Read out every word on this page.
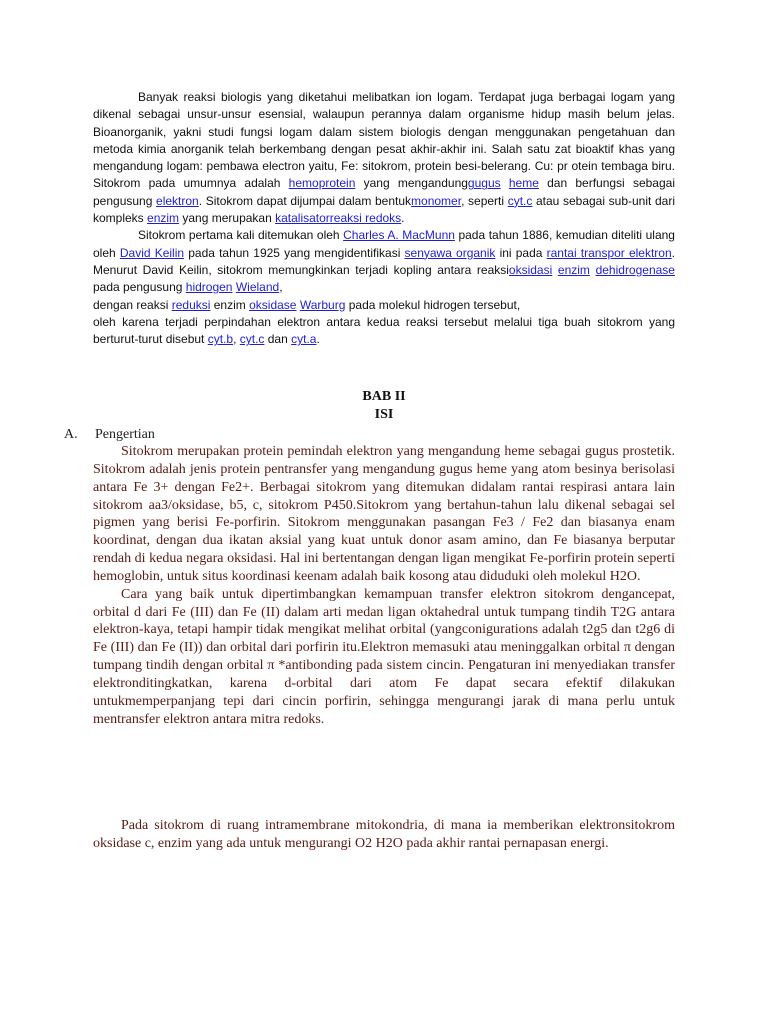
Banyak reaksi biologis yang diketahui melibatkan ion logam. Terdapat juga berbagai logam yang dikenal sebagai unsur-unsur esensial, walaupun perannya dalam organisme hidup masih belum jelas. Bioanorganik, yakni studi fungsi logam dalam sistem biologis dengan menggunakan pengetahuan dan metoda kimia anorganik telah berkembang dengan pesat akhir-akhir ini. Salah satu zat bioaktif khas yang mengandung logam: pembawa electron yaitu, Fe: sitokrom, protein besi-belerang. Cu: pr otein tembaga biru. Sitokrom pada umumnya adalah hemoprotein yang mengandunggugus heme dan berfungsi sebagai pengusung elektron. Sitokrom dapat dijumpai dalam bentukmonomer, seperti cyt.c atau sebagai sub-unit dari kompleks enzim yang merupakan katalisatorreaksi redoks.

Sitokrom pertama kali ditemukan oleh Charles A. MacMunn pada tahun 1886, kemudian diteliti ulang oleh David Keilin pada tahun 1925 yang mengidentifikasi senyawa organik ini pada rantai transpor elektron. Menurut David Keilin, sitokrom memungkinkan terjadi kopling antara reaksioksidasi enzim dehidrogenase pada pengusung hidrogen Wieland,

dengan reaksi reduksi enzim oksidase Warburg pada molekul hidrogen tersebut,

oleh karena terjadi perpindahan elektron antara kedua reaksi tersebut melalui tiga buah sitokrom yang berturut-turut disebut cyt.b, cyt.c dan cyt.a.

BAB II
ISI
A. Pengertian

Sitokrom merupakan protein pemindah elektron yang mengandung heme sebagai gugus prostetik. Sitokrom adalah jenis protein pentransfer yang mengandung gugus heme yang atom besinya berisolasi antara Fe 3+ dengan Fe2+. Berbagai sitokrom yang ditemukan didalam rantai respirasi antara lain sitokrom aa3/oksidase, b5, c, sitokrom P450.Sitokrom yang bertahun-tahun lalu dikenal sebagai sel pigmen yang berisi Fe-porfirin. Sitokrom menggunakan pasangan Fe3 / Fe2 dan biasanya enam koordinat, dengan dua ikatan aksial yang kuat untuk donor asam amino, dan Fe biasanya berputar rendah di kedua negara oksidasi. Hal ini bertentangan dengan ligan mengikat Fe-porfirin protein seperti hemoglobin, untuk situs koordinasi keenam adalah baik kosong atau diduduki oleh molekul H2O.

Cara yang baik untuk dipertimbangkan kemampuan transfer elektron sitokrom dengancepat, orbital d dari Fe (III) dan Fe (II) dalam arti medan ligan oktahedral untuk tumpang tindih T2G antara elektron-kaya, tetapi hampir tidak mengikat melihat orbital (yangconigurations adalah t2g5 dan t2g6 di Fe (III) dan Fe (II)) dan orbital dari porfirin itu.Elektron memasuki atau meninggalkan orbital π dengan tumpang tindih dengan orbital π *antibonding pada sistem cincin. Pengaturan ini menyediakan transfer elektronditingkatkan, karena d-orbital dari atom Fe dapat secara efektif dilakukan untukmemperpanjang tepi dari cincin porfirin, sehingga mengurangi jarak di mana perlu untuk mentransfer elektron antara mitra redoks.

Pada sitokrom di ruang intramembrane mitokondria, di mana ia memberikan elektronsitokrom oksidase c, enzim yang ada untuk mengurangi O2 H2O pada akhir rantai pernapasan energi.
